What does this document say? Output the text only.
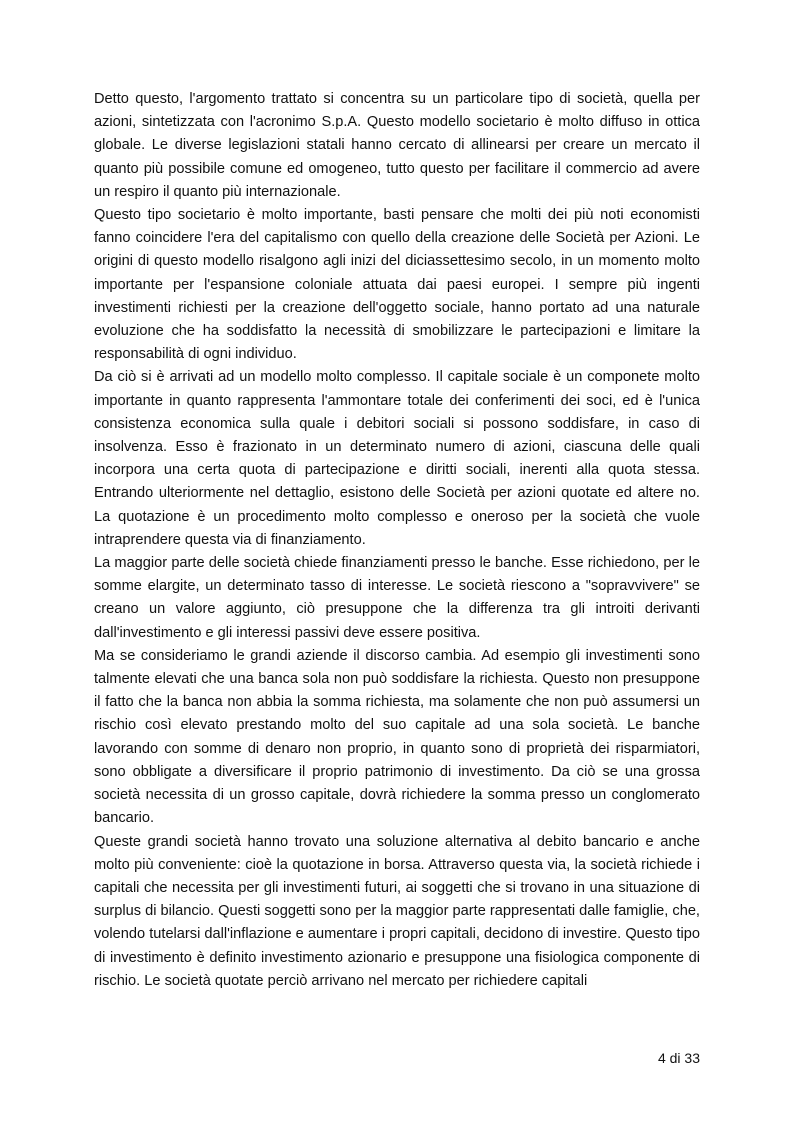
Detto questo, l'argomento trattato si concentra su un particolare tipo di società, quella per azioni, sintetizzata con l'acronimo S.p.A. Questo modello societario è molto diffuso in ottica globale. Le diverse legislazioni statali hanno cercato di allinearsi per creare un mercato il quanto più possibile comune ed omogeneo, tutto questo per facilitare il commercio ad avere un respiro il quanto più internazionale.

Questo tipo societario è molto importante, basti pensare che molti dei più noti economisti fanno coincidere l'era del capitalismo con quello della creazione delle Società per Azioni. Le origini di questo modello risalgono agli inizi del diciassettesimo secolo, in un momento molto importante per l'espansione coloniale attuata dai paesi europei. I sempre più ingenti investimenti richiesti per la creazione dell'oggetto sociale, hanno portato ad una naturale evoluzione che ha soddisfatto la necessità di smobilizzare le partecipazioni e limitare la responsabilità di ogni individuo.

Da ciò si è arrivati ad un modello molto complesso. Il capitale sociale è un componete molto importante in quanto rappresenta l'ammontare totale dei conferimenti dei soci, ed è l'unica consistenza economica sulla quale i debitori sociali si possono soddisfare, in caso di insolvenza. Esso è frazionato in un determinato numero di azioni, ciascuna delle quali incorpora una certa quota di partecipazione e diritti sociali, inerenti alla quota stessa. Entrando ulteriormente nel dettaglio, esistono delle Società per azioni quotate ed altere no. La quotazione è un procedimento molto complesso e oneroso per la società che vuole intraprendere questa via di finanziamento.

La maggior parte delle società chiede finanziamenti presso le banche. Esse richiedono, per le somme elargite, un determinato tasso di interesse. Le società riescono a "sopravvivere" se creano un valore aggiunto, ciò presuppone che la differenza tra gli introiti derivanti dall'investimento e gli interessi passivi deve essere positiva.

Ma se consideriamo le grandi aziende il discorso cambia. Ad esempio gli investimenti sono talmente elevati che una banca sola non può soddisfare la richiesta. Questo non presuppone il fatto che la banca non abbia la somma richiesta, ma solamente che non può assumersi un rischio così elevato prestando molto del suo capitale ad una sola società. Le banche lavorando con somme di denaro non proprio, in quanto sono di proprietà dei risparmiatori, sono obbligate a diversificare il proprio patrimonio di investimento. Da ciò se una grossa società necessita di un grosso capitale, dovrà richiedere la somma presso un conglomerato bancario.

Queste grandi società hanno trovato una soluzione alternativa al debito bancario e anche molto più conveniente: cioè la quotazione in borsa. Attraverso questa via, la società richiede i capitali che necessita per gli investimenti futuri, ai soggetti che si trovano in una situazione di surplus di bilancio. Questi soggetti sono per la maggior parte rappresentati dalle famiglie, che, volendo tutelarsi dall'inflazione e aumentare i propri capitali, decidono di investire. Questo tipo di investimento è definito investimento azionario e presuppone una fisiologica componente di rischio. Le società quotate perciò arrivano nel mercato per richiedere capitali

4 di 33
